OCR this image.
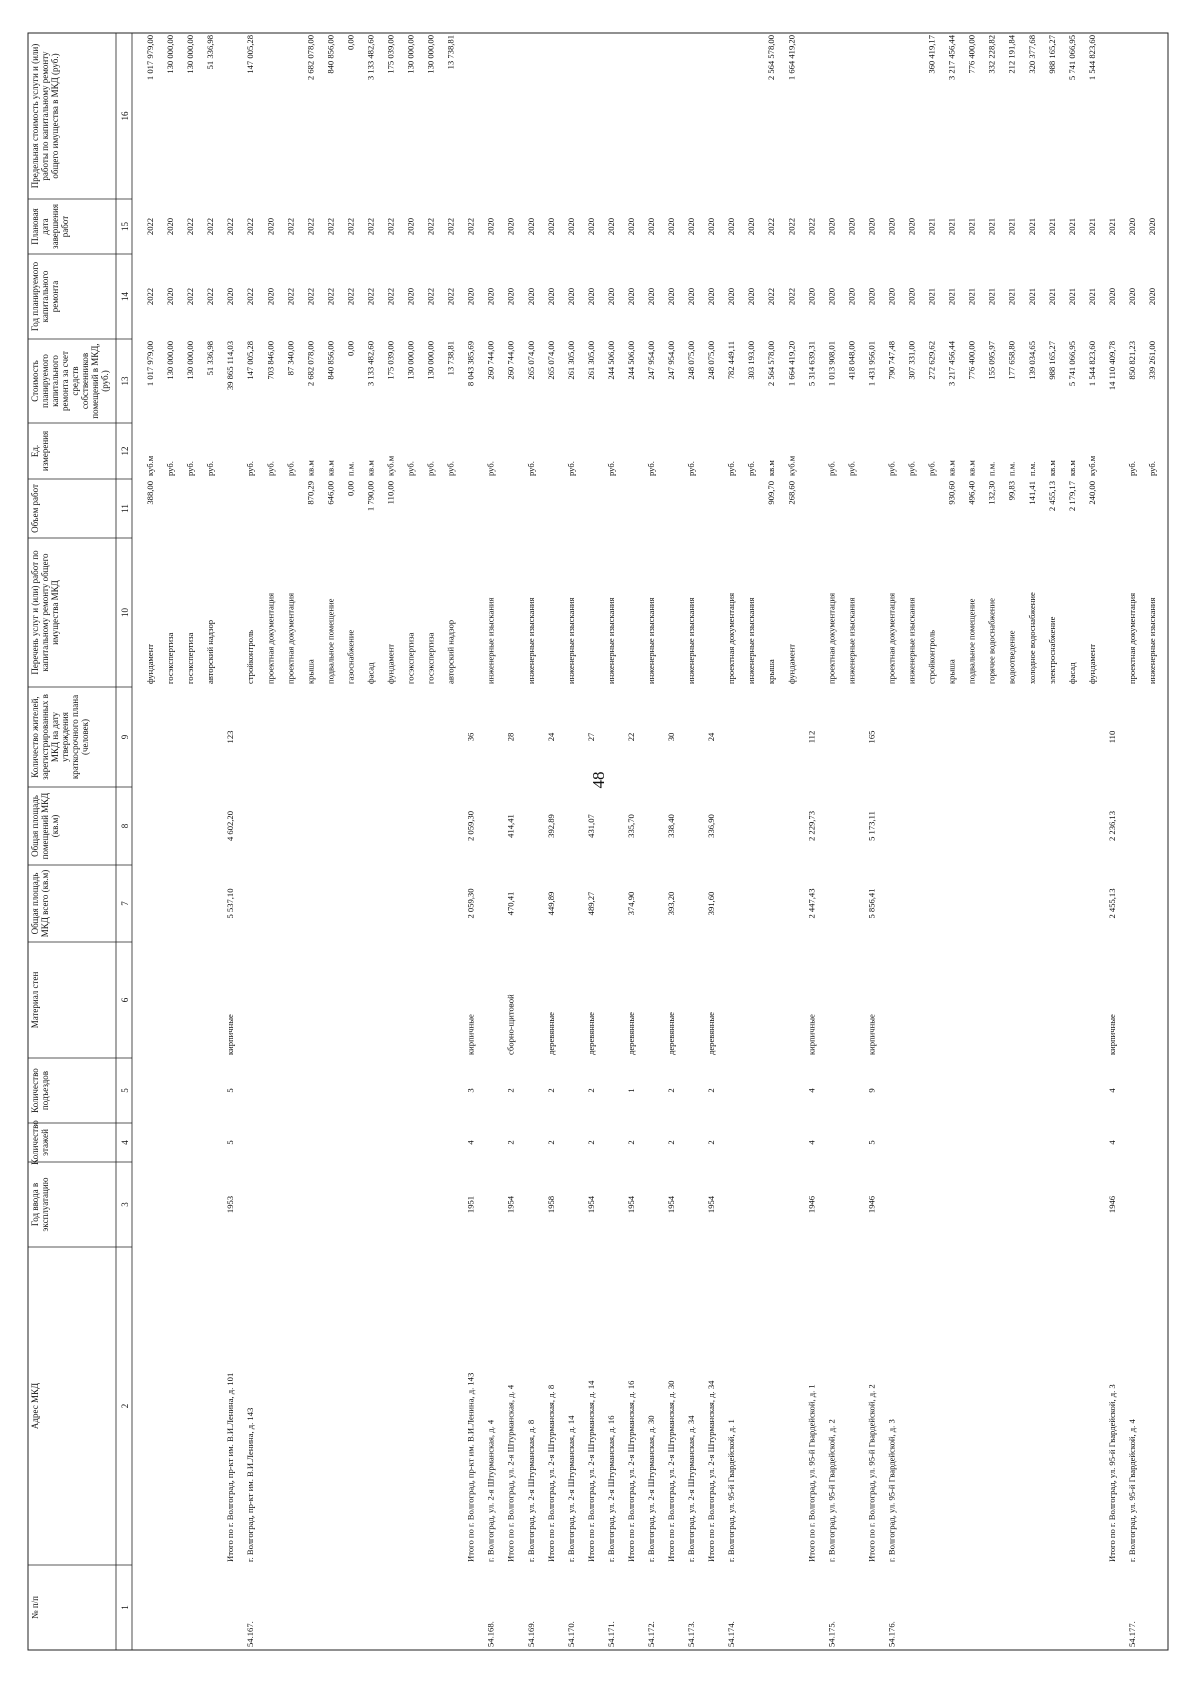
48
№ п/п
Адрес МКД
Год ввода вэксплуатацию
Количествоэтажей
Количествоподъездов
Материал стен
Общая площадьМКД всего (кв.м)
Общая площадьпомещений МКД(кв.м)
Количество жителей,зарегистрированных вМКД на датуутверждениякраткосрочного плана(человек)
Перечень услуг и (или) работ покапитальному ремонту общегоимущества МКД
Объем работ
Ед.измерения
Стоимостьпланируемогокапитальногоремонта за счетсредствсобственниковпомещений в МКД,(руб.)
Год планируемогокапитальногоремонта
Плановаядатазавершенияработ
Предельная стоимость услуги и (или)работы по капитальному ремонтуобщего имущества в МКД (руб.)
1
2
3
4
5
6
7
8
9
10
11
12
13
14
15
16
фундамент
388,00
куб.м
1 017 979,00
2022
2022
1 017 979,00
госэкспертиза
руб.
130 000,00
2020
2020
130 000,00
госэкспертиза
руб.
130 000,00
2022
2022
130 000,00
авторский надзор
руб.
51 336,98
2022
2022
51 336,98
Итого по г. Волгоград, пр-кт им. В.И.Ленина, д. 101
1953
5
5
кирпичные
5 537,10
4 602,20
123
39 865 114,03
2020
2022
54.167.
г. Волгоград, пр-кт им. В.И.Ленина, д. 143
стройконтроль
руб.
147 005,28
2022
2022
147 005,28
проектная документация
руб.
703 846,00
2020
2020
проектная документация
руб.
87 340,00
2022
2022
крыша
870,29
кв.м
2 682 078,00
2022
2022
2 682 078,00
подвальное помещение
646,00
кв.м
840 856,00
2022
2022
840 856,00
газоснабжение
0,00
п.м.
0,00
2022
2022
0,00
фасад
1 790,00
кв.м
3 133 482,60
2022
2022
3 133 482,60
фундамент
110,00
куб.м
175 039,00
2022
2022
175 039,00
госэкспертиза
руб.
130 000,00
2020
2020
130 000,00
госэкспертиза
руб.
130 000,00
2022
2022
130 000,00
авторский надзор
руб.
13 738,81
2022
2022
13 738,81
Итого по г. Волгоград, пр-кт им. В.И.Ленина, д. 143
1951
4
3
кирпичные
2 059,30
2 059,30
36
8 043 385,69
2020
2022
54.168.
г. Волгоград, ул. 2-я Штурманская, д. 4
инженерные изыскания
руб.
260 744,00
2020
2020
Итого по г. Волгоград, ул. 2-я Штурманская, д. 4
1954
2
2
сборно-щитовой
470,41
414,41
28
260 744,00
2020
2020
54.169.
г. Волгоград, ул. 2-я Штурманская, д. 8
инженерные изыскания
руб.
265 074,00
2020
2020
Итого по г. Волгоград, ул. 2-я Штурманская, д. 8
1958
2
2
деревянные
449,89
392,89
24
265 074,00
2020
2020
54.170.
г. Волгоград, ул. 2-я Штурманская, д. 14
инженерные изыскания
руб.
261 305,00
2020
2020
Итого по г. Волгоград, ул. 2-я Штурманская, д. 14
1954
2
2
деревянные
489,27
431,07
27
261 305,00
2020
2020
54.171.
г. Волгоград, ул. 2-я Штурманская, д. 16
инженерные изыскания
руб.
244 506,00
2020
2020
Итого по г. Волгоград, ул. 2-я Штурманская, д. 16
1954
2
1
деревянные
374,90
335,70
22
244 506,00
2020
2020
54.172.
г. Волгоград, ул. 2-я Штурманская, д. 30
инженерные изыскания
руб.
247 954,00
2020
2020
Итого по г. Волгоград, ул. 2-я Штурманская, д. 30
1954
2
2
деревянные
393,20
338,40
30
247 954,00
2020
2020
54.173.
г. Волгоград, ул. 2-я Штурманская, д. 34
инженерные изыскания
руб.
248 075,00
2020
2020
Итого по г. Волгоград, ул. 2-я Штурманская, д. 34
1954
2
2
деревянные
391,60
336,90
24
248 075,00
2020
2020
54.174.
г. Волгоград, ул. 95-й Гвардейской, д. 1
проектная документация
руб.
782 449,11
2020
2020
инженерные изыскания
руб.
303 193,00
2020
2020
крыша
909,70
кв.м
2 564 578,00
2022
2022
2 564 578,00
фундамент
268,60
куб.м
1 664 419,20
2022
2022
1 664 419,20
Итого по г. Волгоград, ул. 95-й Гвардейской, д. 1
1946
4
4
кирпичные
2 447,43
2 229,73
112
5 314 639,31
2020
2022
54.175.
г. Волгоград, ул. 95-й Гвардейской, д. 2
проектная документация
руб.
1 013 908,01
2020
2020
инженерные изыскания
руб.
418 048,00
2020
2020
Итого по г. Волгоград, ул. 95-й Гвардейской, д. 2
1946
5
9
кирпичные
5 856,41
5 173,11
165
1 431 956,01
2020
2020
54.176.
г. Волгоград, ул. 95-й Гвардейской, д. 3
проектная документация
руб.
790 747,48
2020
2020
инженерные изыскания
руб.
307 331,00
2020
2020
стройконтроль
руб.
272 629,62
2021
2021
360 419,17
крыша
930,60
кв.м
3 217 456,44
2021
2021
3 217 456,44
подвальное помещение
496,40
кв.м
776 400,00
2021
2021
776 400,00
горячее водоснабжение
132,30
п.м.
155 095,97
2021
2021
332 228,82
водоотведение
99,83
п.м.
177 658,80
2021
2021
212 191,84
холодное водоснабжение
141,41
п.м.
139 034,65
2021
2021
320 377,68
электроснабжение
2 455,13
кв.м
988 165,27
2021
2021
988 165,27
фасад
2 179,17
кв.м
5 741 066,95
2021
2021
5 741 066,95
фундамент
240,00
куб.м
1 544 823,60
2021
2021
1 544 823,60
Итого по г. Волгоград, ул. 95-й Гвардейской, д. 3
1946
4
4
кирпичные
2 455,13
2 236,13
110
14 110 409,78
2020
2021
54.177.
г. Волгоград, ул. 95-й Гвардейской, д. 4
проектная документация
руб.
850 821,23
2020
2020
инженерные изыскания
руб.
339 261,00
2020
2020
